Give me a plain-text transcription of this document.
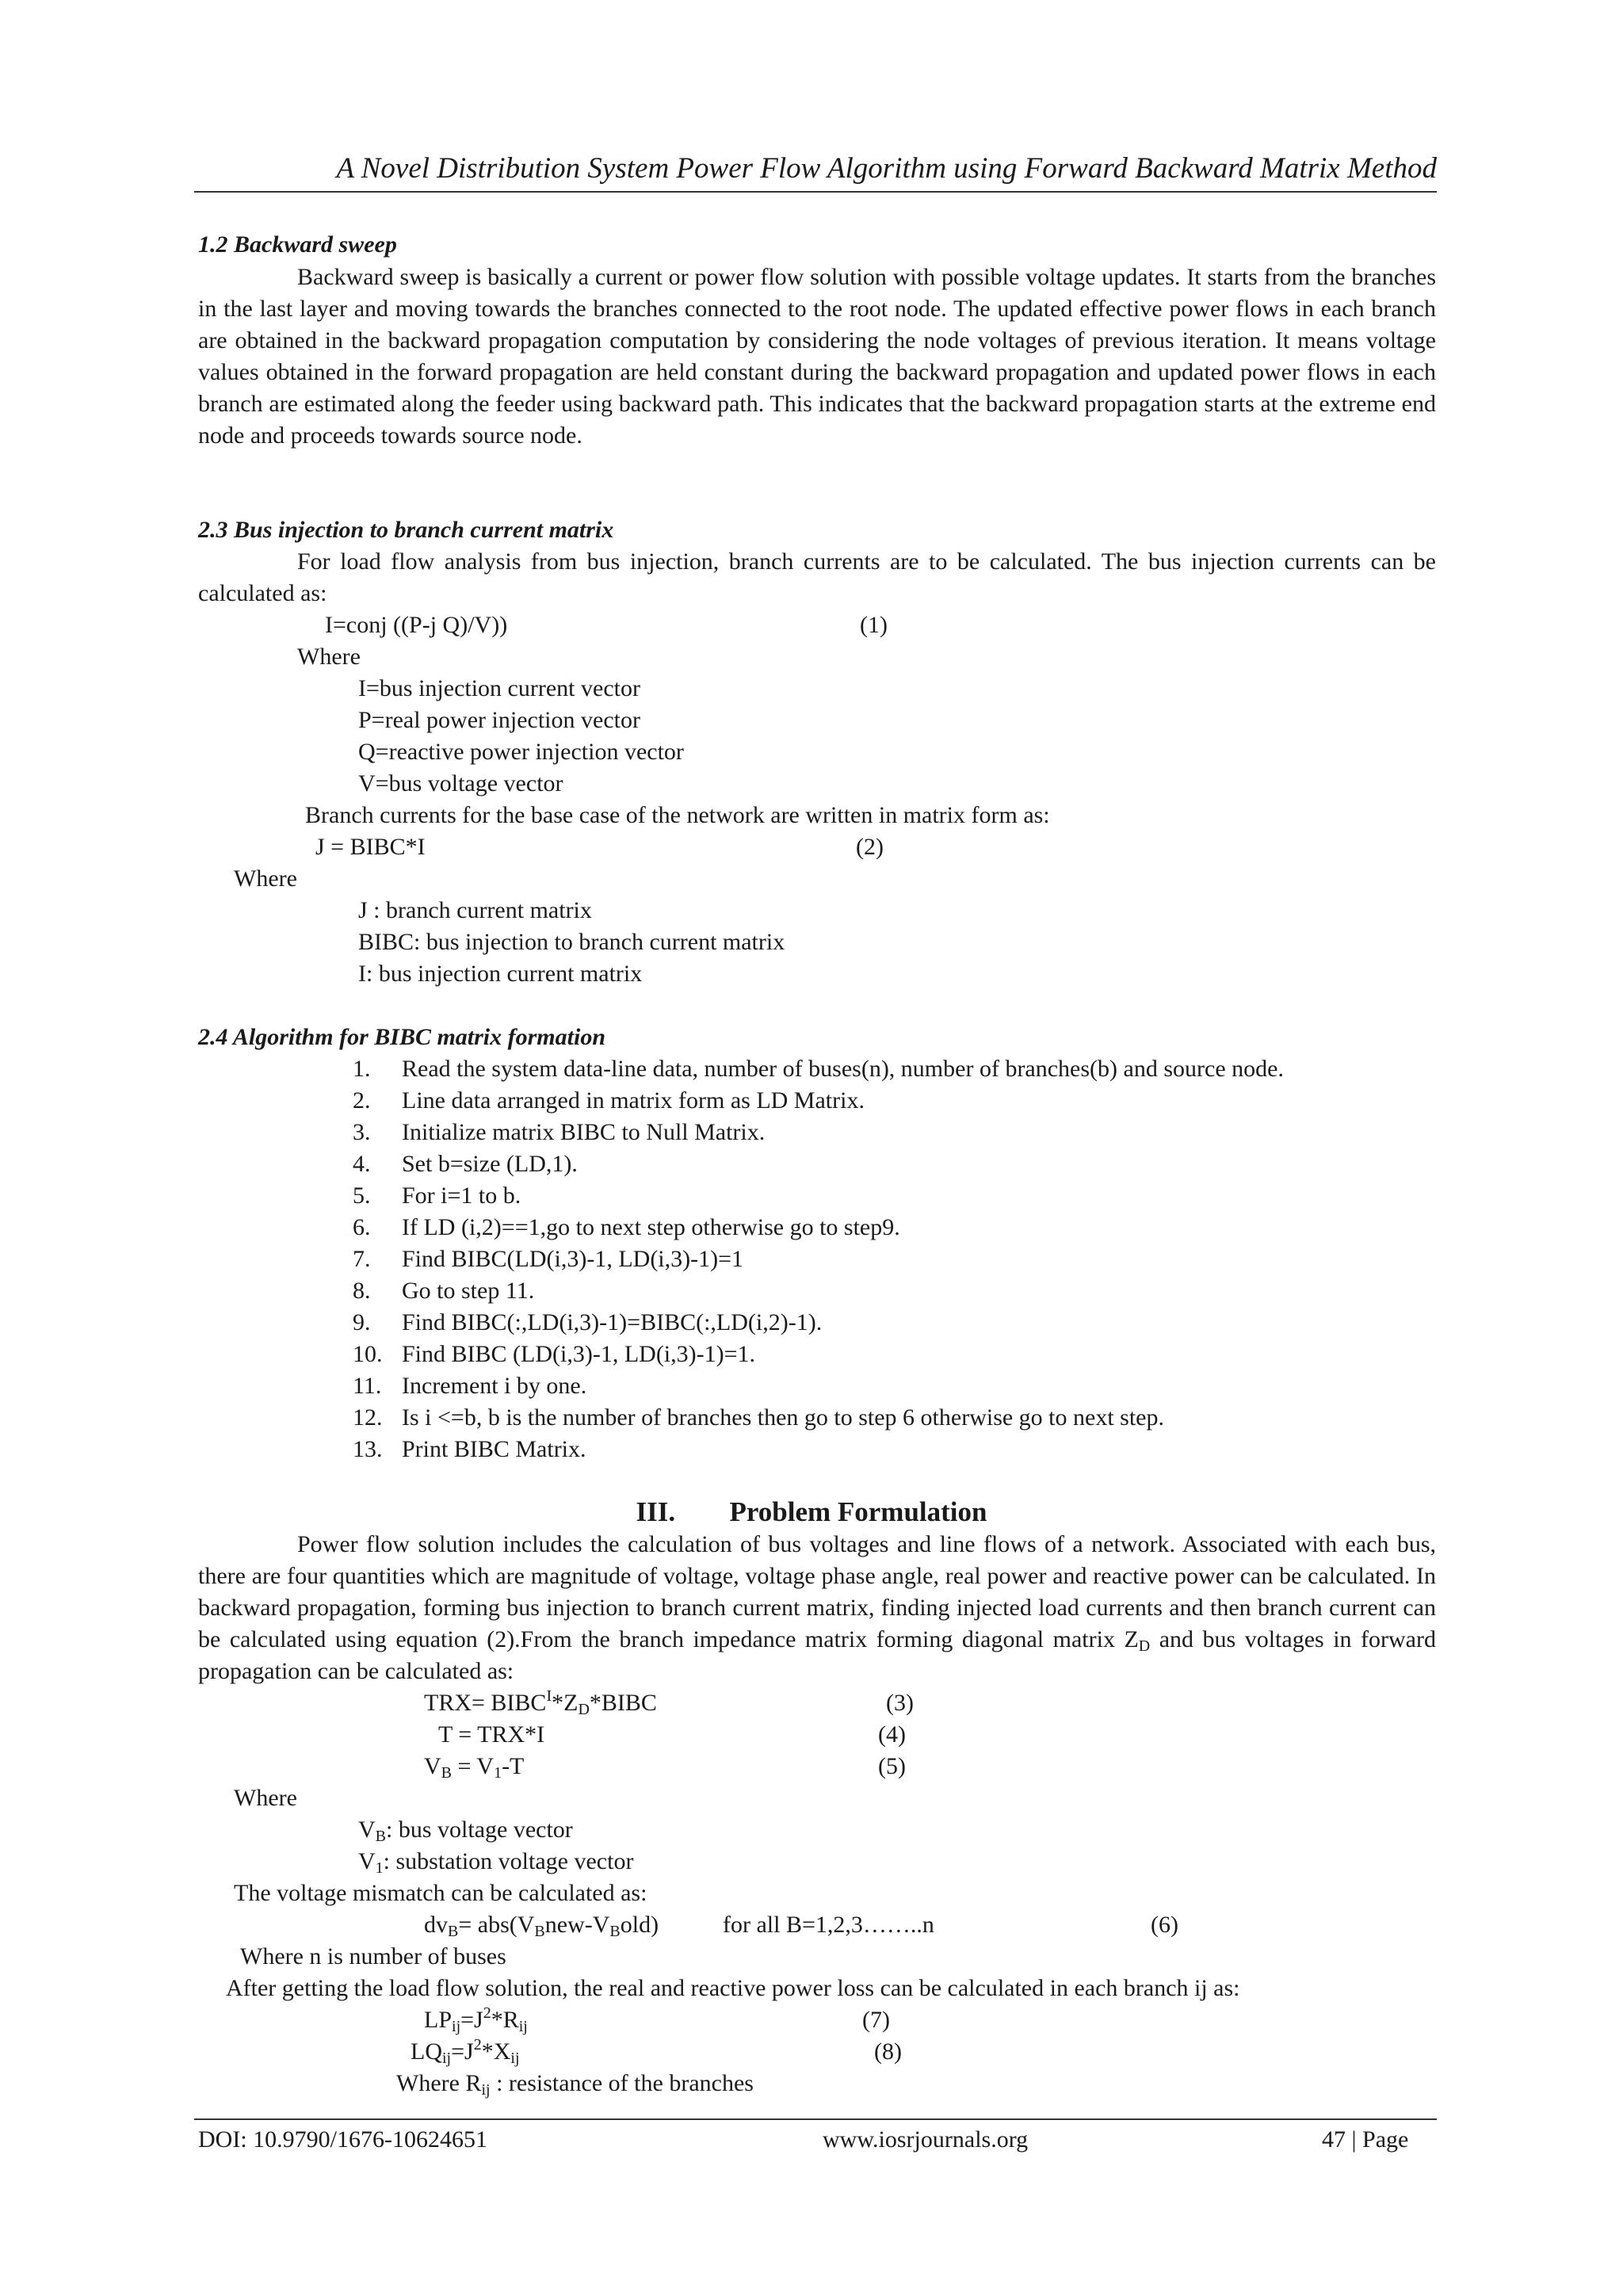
A Novel Distribution System Power Flow Algorithm using Forward Backward Matrix Method
1.2 Backward sweep
Backward sweep is basically a current or power flow solution with possible voltage updates. It starts from the branches in the last layer and moving towards the branches connected to the root node. The updated effective power flows in each branch are obtained in the backward propagation computation by considering the node voltages of previous iteration. It means voltage values obtained in the forward propagation are held constant during the backward propagation and updated power flows in each branch are estimated along the feeder using backward path. This indicates that the backward propagation starts at the extreme end node and proceeds towards source node.
2.3 Bus injection to branch current matrix
For load flow analysis from bus injection, branch currents are to be calculated. The bus injection currents can be calculated as:
I=conj ((P-j Q)/V))	(1)
Where
I=bus injection current vector
P=real power injection vector
Q=reactive power injection vector
V=bus voltage vector
Branch currents for the base case of the network are written in matrix form as:
J = BIBC*I	(2)
Where
J : branch current matrix
BIBC: bus injection to branch current matrix
I: bus injection current matrix
2.4 Algorithm for BIBC matrix formation
1. Read the system data-line data, number of buses(n), number of branches(b) and source node.
2. Line data arranged in matrix form as LD Matrix.
3. Initialize matrix BIBC to Null Matrix.
4. Set b=size (LD,1).
5. For i=1 to b.
6. If LD (i,2)==1,go to next step otherwise go to step9.
7. Find BIBC(LD(i,3)-1, LD(i,3)-1)=1
8. Go to step 11.
9. Find BIBC(:,LD(i,3)-1)=BIBC(:,LD(i,2)-1).
10. Find BIBC (LD(i,3)-1, LD(i,3)-1)=1.
11. Increment i by one.
12. Is i <=b, b is the number of branches then go to step 6 otherwise go to next step.
13. Print BIBC Matrix.
III. Problem Formulation
Power flow solution includes the calculation of bus voltages and line flows of a network. Associated with each bus, there are four quantities which are magnitude of voltage, voltage phase angle, real power and reactive power can be calculated. In backward propagation, forming bus injection to branch current matrix, finding injected load currents and then branch current can be calculated using equation (2).From the branch impedance matrix forming diagonal matrix $Z_D$ and bus voltages in forward propagation can be calculated as:
$TRX= BIBC^I*Z_D*BIBC$	(3)
T = TRX*I	(4)
$V_B = V_1-T$	(5)
Where
$V_B$: bus voltage vector
$V_1$: substation voltage vector
The voltage mismatch can be calculated as:
$dv_B= abs(V_Bnew-V_Bold)$	for all B=1,2,3……..n	(6)
Where n is number of buses
After getting the load flow solution, the real and reactive power loss can be calculated in each branch ij as:
$LP_{ij}=J^2*R_{ij}$	(7)
$LQ_{ij}=J^2*X_{ij}$	(8)
Where $R_{ij}$ : resistance of the branches
DOI: 10.9790/1676-10624651	www.iosrjournals.org	47 | Page
